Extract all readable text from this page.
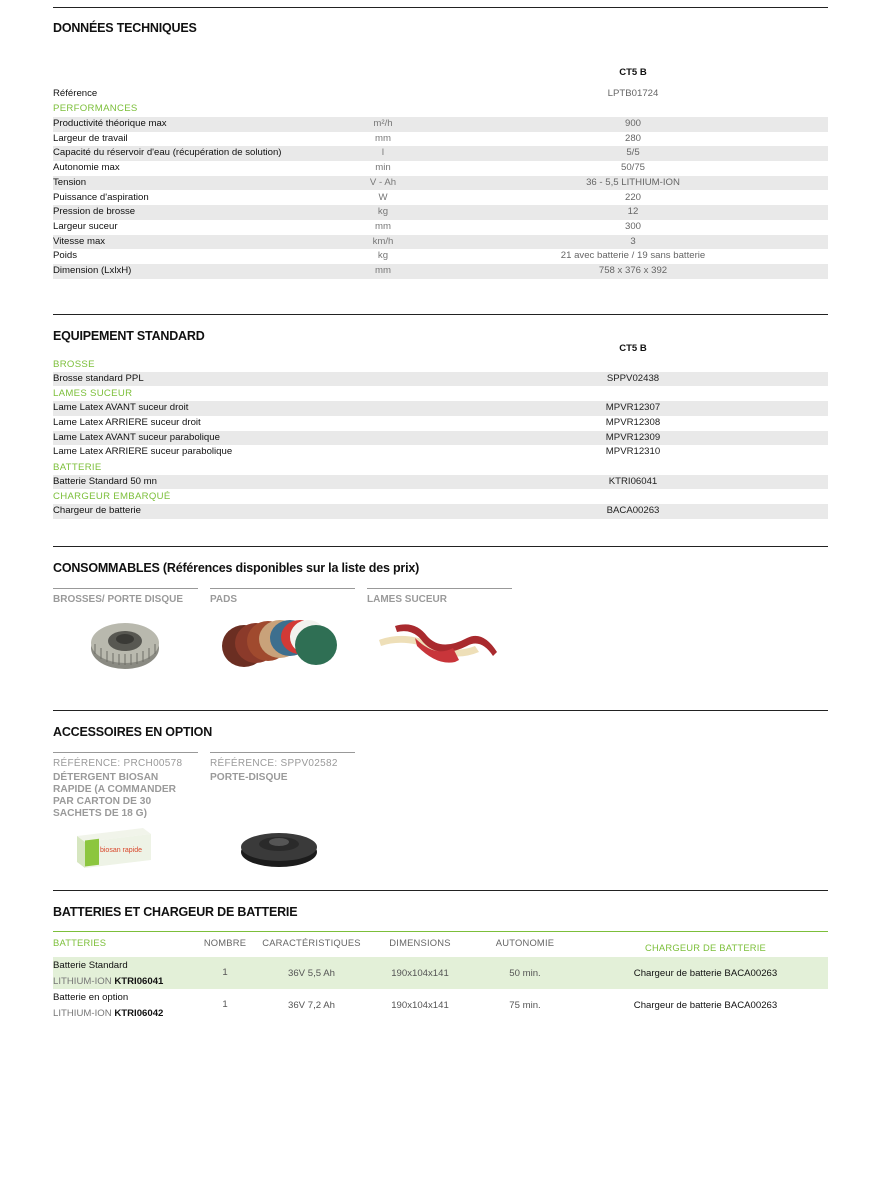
DONNÉES TECHNIQUES
CT5 B
Référence	LPTB01724
PERFORMANCES
Productivité théorique max	m²/h	900
Largeur de travail	mm	280
Capacité du réservoir d'eau (récupération de solution)	l	5/5
Autonomie max	min	50/75
Tension	V - Ah	36 - 5,5 LITHIUM-ION
Puissance d'aspiration	W	220
Pression de brosse	kg	12
Largeur suceur	mm	300
Vitesse max	km/h	3
Poids	kg	21 avec batterie / 19 sans batterie
Dimension (LxlxH)	mm	758 x 376 x 392
EQUIPEMENT STANDARD
CT5 B
BROSSE
Brosse standard PPL	SPPV02438
LAMES SUCEUR
Lame Latex AVANT suceur droit	MPVR12307
Lame Latex ARRIERE suceur droit	MPVR12308
Lame Latex AVANT suceur parabolique	MPVR12309
Lame Latex ARRIERE suceur parabolique	MPVR12310
BATTERIE
Batterie Standard 50 mn	KTRI06041
CHARGEUR EMBARQUÉ
Chargeur de batterie	BACA00263
CONSOMMABLES (Références disponibles sur la liste des prix)
BROSSES/ PORTE DISQUE	PADS	LAMES SUCEUR
ACCESSOIRES EN OPTION
RÉFÉRENCE: PRCH00578
DÉTERGENT BIOSAN
RAPIDE (A COMMANDER
PAR CARTON DE 30
SACHETS DE 18 G)
biosan rapide
RÉFÉRENCE: SPPV02582
PORTE-DISQUE
BATTERIES ET CHARGEUR DE BATTERIE
BATTERIES	NOMBRE	CARACTÉRISTIQUES	DIMENSIONS	AUTONOMIE	CHARGEUR DE BATTERIE
Batterie Standard
LITHIUM-ION KTRI06041
1	36V 5,5 Ah	190x104x141	50 min.	Chargeur de batterie BACA00263
Batterie en option
LITHIUM-ION KTRI06042
1	36V 7,2 Ah	190x104x141	75 min.	Chargeur de batterie BACA00263
